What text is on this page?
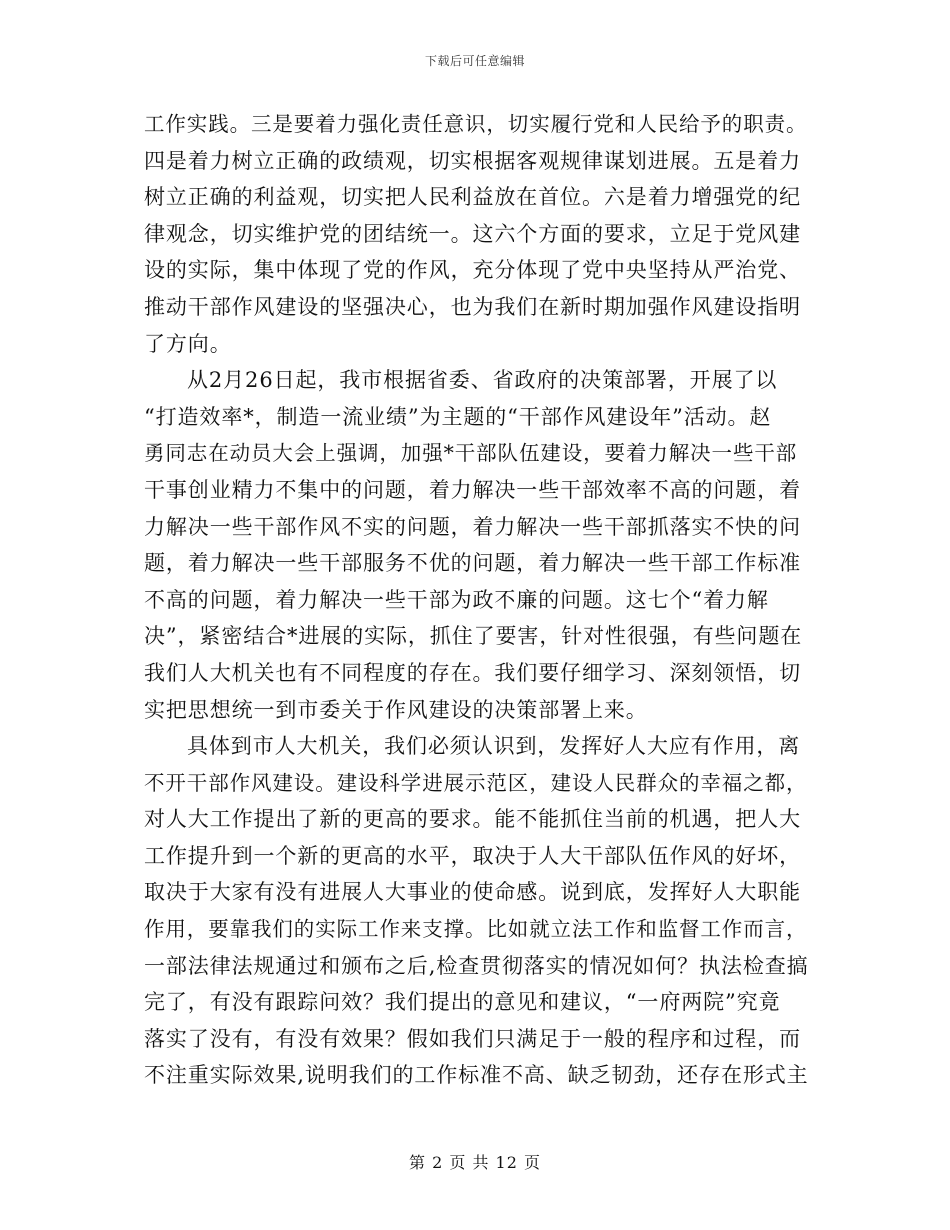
下载后可任意编辑
工作实践。三是要着力强化责任意识，切实履行党和人民给予的职责。
四是着力树立正确的政绩观，切实根据客观规律谋划进展。五是着力
树立正确的利益观，切实把人民利益放在首位。六是着力增强党的纪
律观念，切实维护党的团结统一。这六个方面的要求，立足于党风建
设的实际，集中体现了党的作风，充分体现了党中央坚持从严治党、
推动干部作风建设的坚强决心，也为我们在新时期加强作风建设指明
了方向。
从2月26日起，我市根据省委、省政府的决策部署，开展了以
“打造效率*，制造一流业绩”为主题的“干部作风建设年”活动。赵
勇同志在动员大会上强调，加强*干部队伍建设，要着力解决一些干部
干事创业精力不集中的问题，着力解决一些干部效率不高的问题，着
力解决一些干部作风不实的问题，着力解决一些干部抓落实不快的问
题，着力解决一些干部服务不优的问题，着力解决一些干部工作标准
不高的问题，着力解决一些干部为政不廉的问题。这七个“着力解
决”，紧密结合*进展的实际，抓住了要害，针对性很强，有些问题在
我们人大机关也有不同程度的存在。我们要仔细学习、深刻领悟，切
实把思想统一到市委关于作风建设的决策部署上来。
具体到市人大机关，我们必须认识到，发挥好人大应有作用，离
不开干部作风建设。建设科学进展示范区，建设人民群众的幸福之都，
对人大工作提出了新的更高的要求。能不能抓住当前的机遇，把人大
工作提升到一个新的更高的水平，取决于人大干部队伍作风的好坏，
取决于大家有没有进展人大事业的使命感。说到底，发挥好人大职能
作用，要靠我们的实际工作来支撑。比如就立法工作和监督工作而言，
一部法律法规通过和颁布之后,检查贯彻落实的情况如何？执法检查搞
完了，有没有跟踪问效？我们提出的意见和建议，“一府两院”究竟
落实了没有，有没有效果？假如我们只满足于一般的程序和过程，而
不注重实际效果,说明我们的工作标准不高、缺乏韧劲，还存在形式主
第 2 页 共 12 页
